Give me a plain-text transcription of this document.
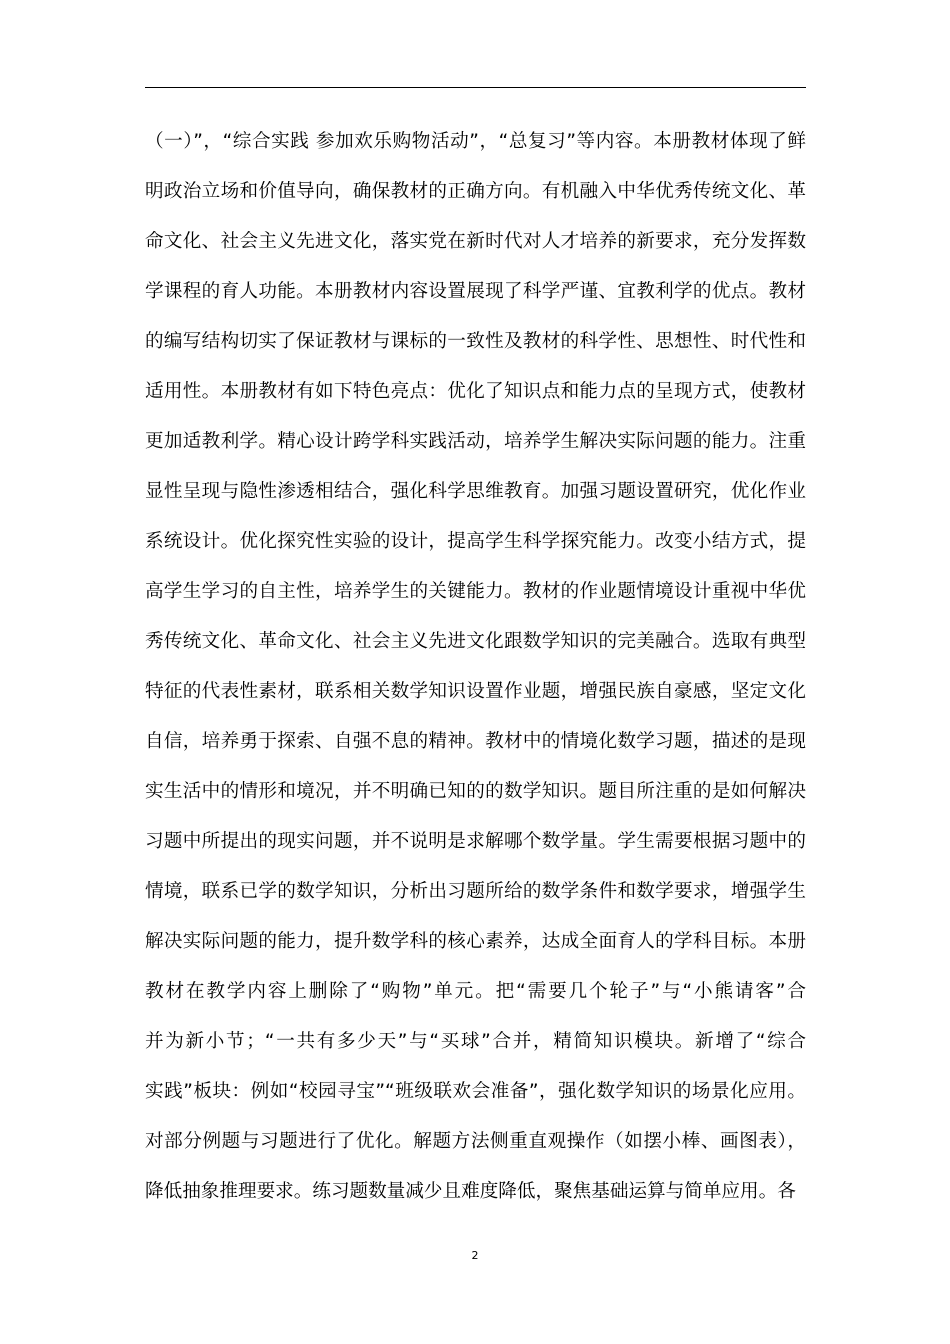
（一）”，“综合实践 参加欢乐购物活动”，“总复习”等内容。本册教材体现了鲜
明政治立场和价值导向，确保教材的正确方向。有机融入中华优秀传统文化、革
命文化、社会主义先进文化，落实党在新时代对人才培养的新要求，充分发挥数
学课程的育人功能。本册教材内容设置展现了科学严谨、宜教利学的优点。教材
的编写结构切实了保证教材与课标的一致性及教材的科学性、思想性、时代性和
适用性。本册教材有如下特色亮点：优化了知识点和能力点的呈现方式，使教材
更加适教利学。精心设计跨学科实践活动，培养学生解决实际问题的能力。注重
显性呈现与隐性渗透相结合，强化科学思维教育。加强习题设置研究，优化作业
系统设计。优化探究性实验的设计，提高学生科学探究能力。改变小结方式，提
高学生学习的自主性，培养学生的关键能力。教材的作业题情境设计重视中华优
秀传统文化、革命文化、社会主义先进文化跟数学知识的完美融合。选取有典型
特征的代表性素材，联系相关数学知识设置作业题，增强民族自豪感，坚定文化
自信，培养勇于探索、自强不息的精神。教材中的情境化数学习题，描述的是现
实生活中的情形和境况，并不明确已知的的数学知识。题目所注重的是如何解决
习题中所提出的现实问题，并不说明是求解哪个数学量。学生需要根据习题中的
情境，联系已学的数学知识，分析出习题所给的数学条件和数学要求，增强学生
解决实际问题的能力，提升数学科的核心素养，达成全面育人的学科目标。本册
教材在教学内容上删除了“购物”单元。把“需要几个轮子”与“小熊请客”合
并为新小节；“一共有多少天”与“买球”合并，精简知识模块。新增了“综合
实践”板块：例如“校园寻宝”“班级联欢会准备”，强化数学知识的场景化应用。
对部分例题与习题进行了优化。解题方法侧重直观操作（如摆小棒、画图表），
降低抽象推理要求。练习题数量减少且难度降低，聚焦基础运算与简单应用。各
2
